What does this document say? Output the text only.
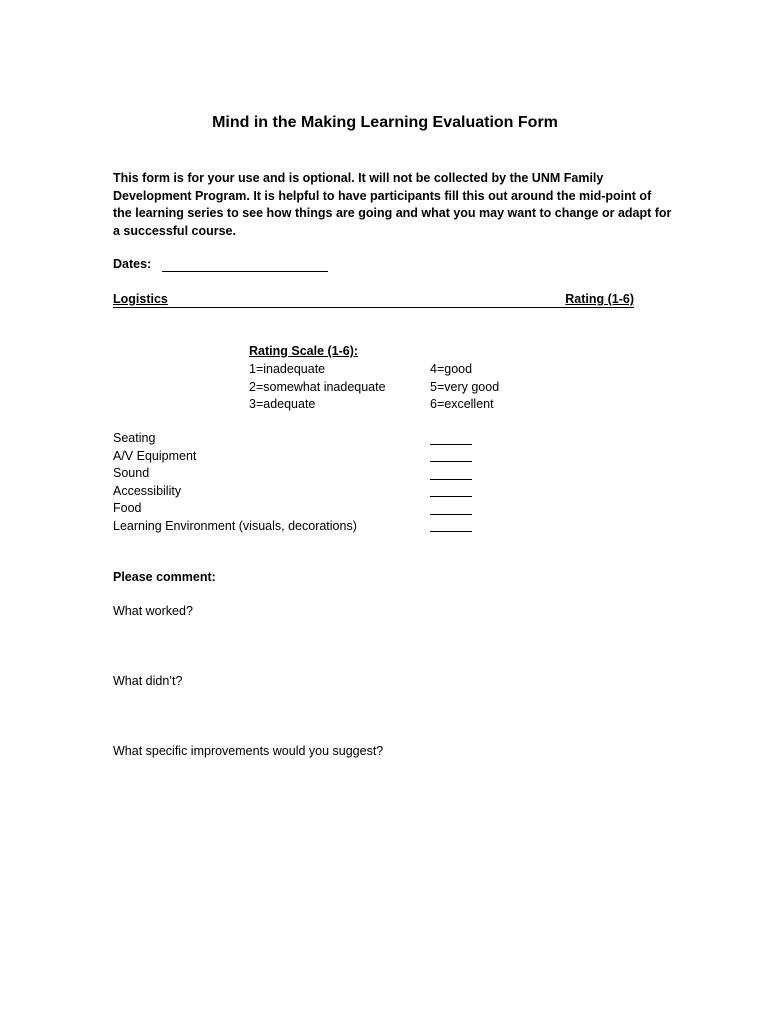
Mind in the Making Learning Evaluation Form
This form is for your use and is optional. It will not be collected by the UNM Family
Development Program. It is helpful to have participants fill this out around the mid-point of
the learning series to see how things are going and what you may want to change or adapt for
a successful course.
Dates:
Logistics	Rating (1-6)
Rating Scale (1-6):
1=inadequate
2=somewhat inadequate
3=adequate
4=good
5=very good
6=excellent
Seating
A/V Equipment
Sound
Accessibility
Food
Learning Environment (visuals, decorations)
Please comment:
What worked?
What didn’t?
What specific improvements would you suggest?
